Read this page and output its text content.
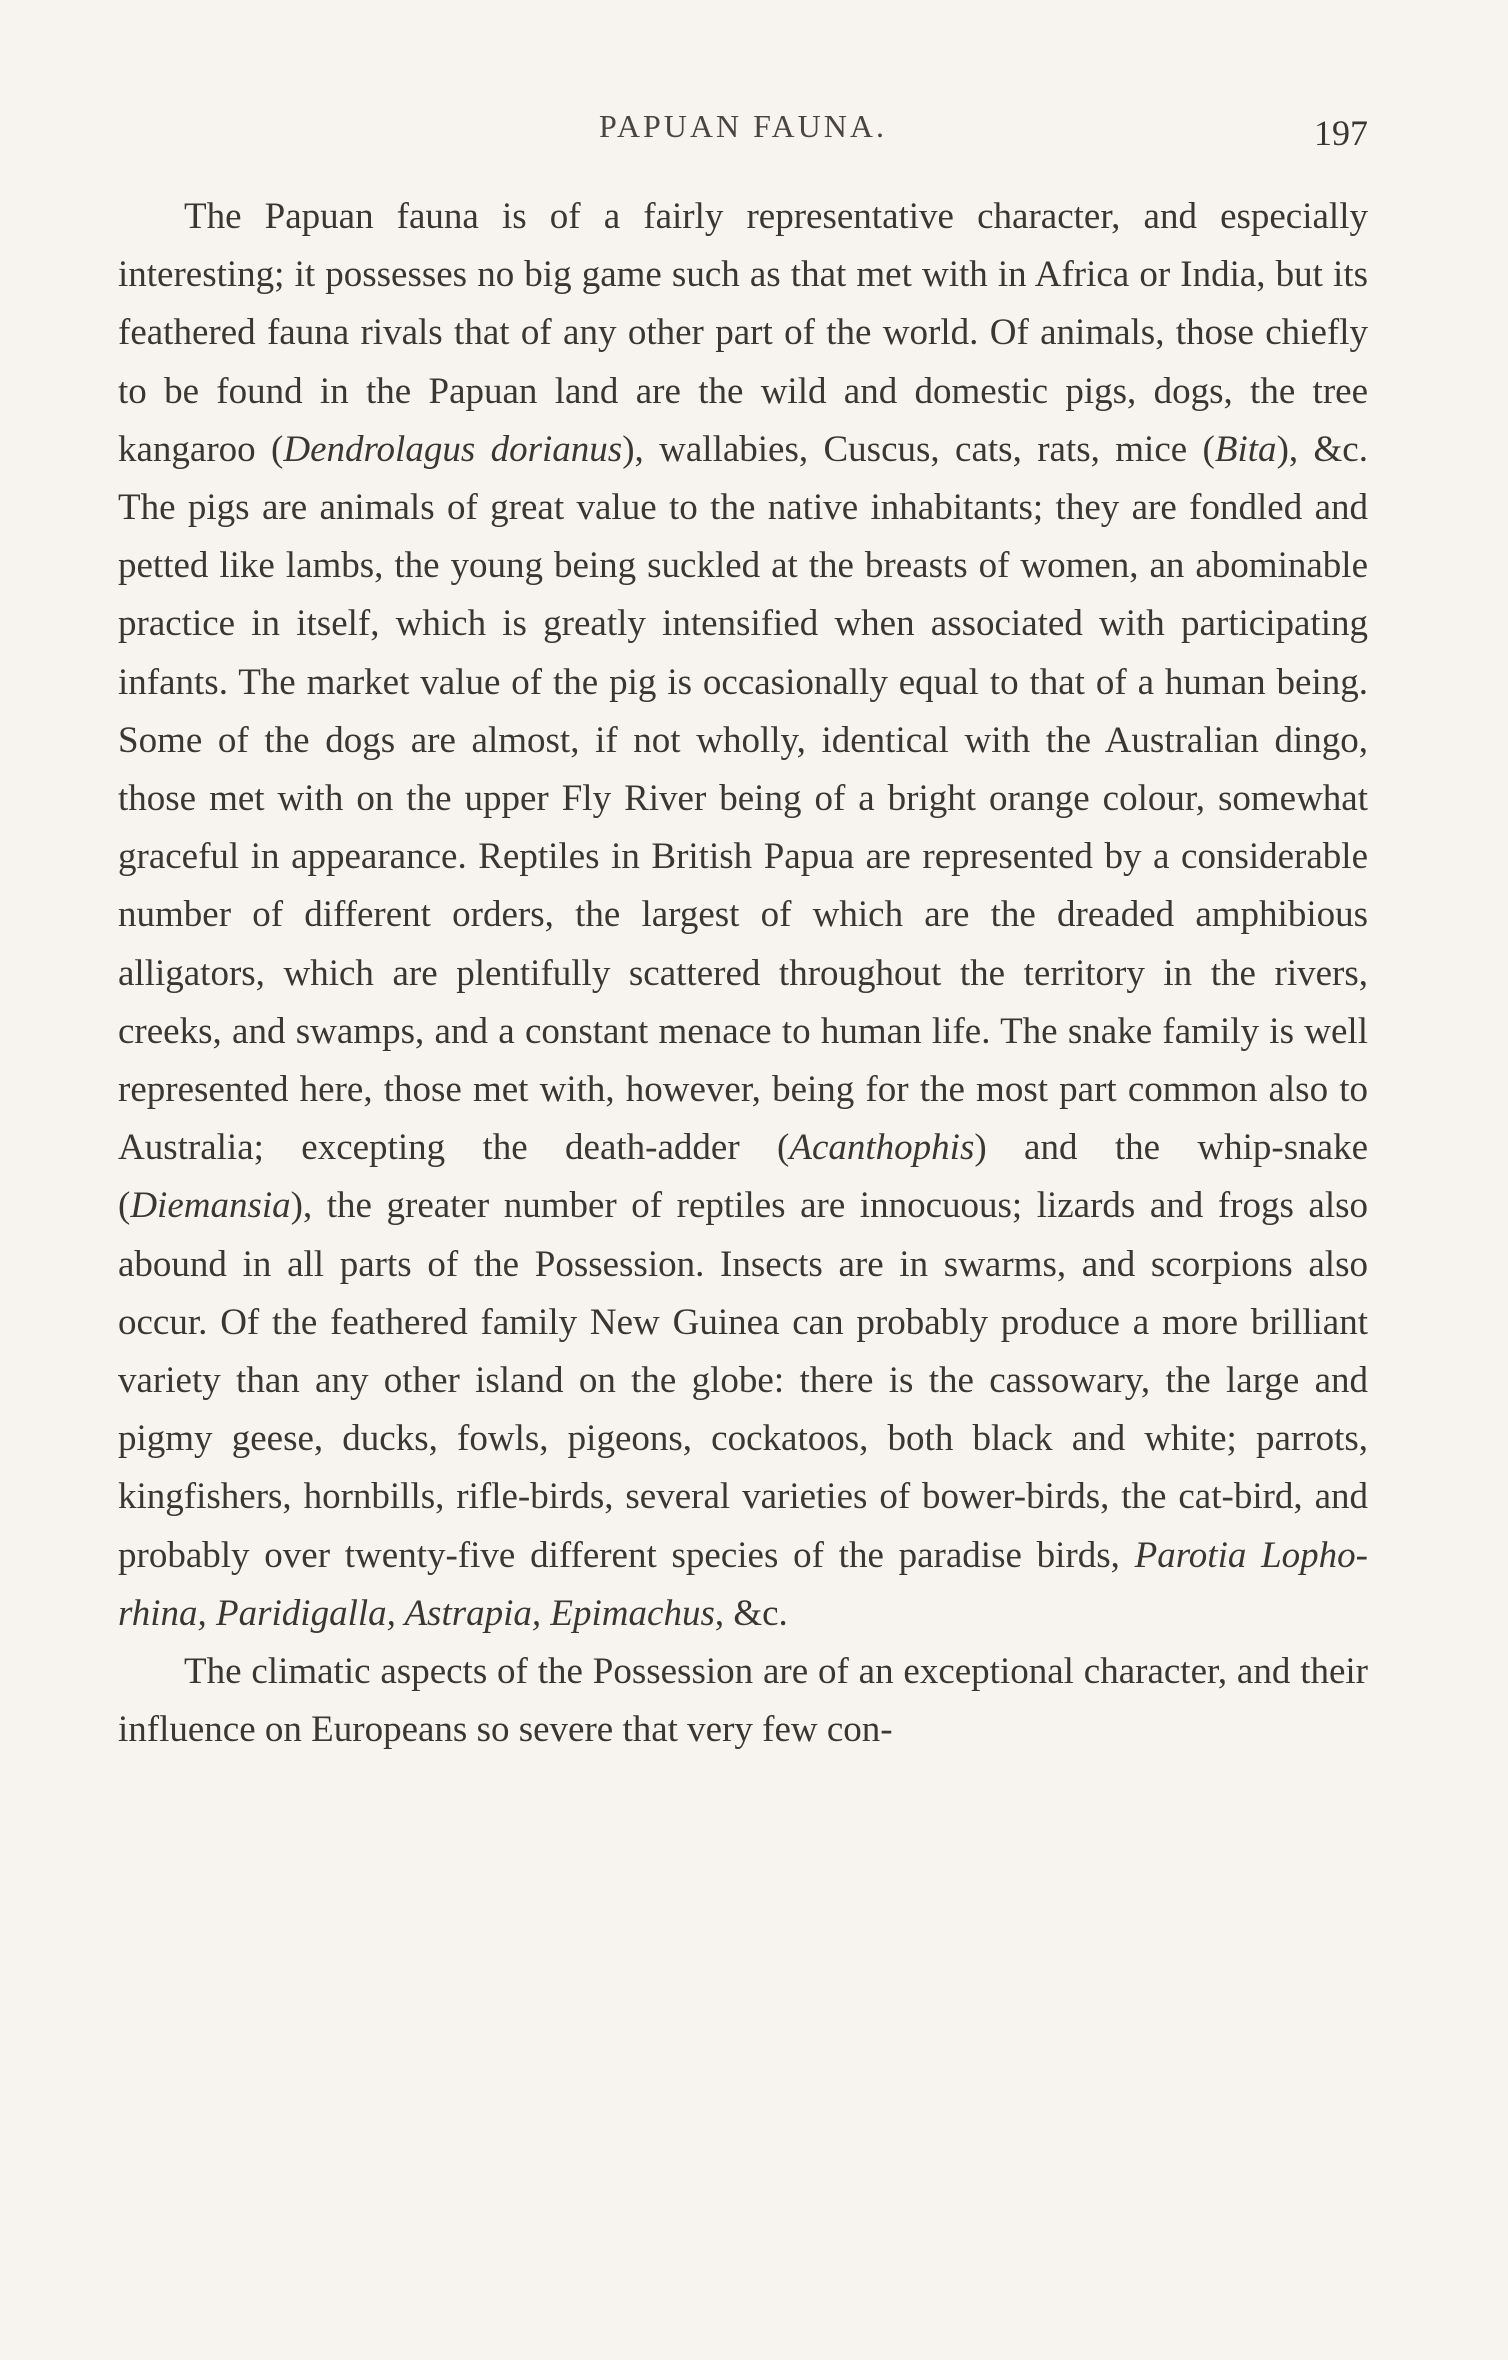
PAPUAN FAUNA.	197

The Papuan fauna is of a fairly representative character, and especially interesting; it possesses no big game such as that met with in Africa or India, but its feathered fauna rivals that of any other part of the world. Of animals, those chiefly to be found in the Papuan land are the wild and domestic pigs, dogs, the tree kangaroo (Dendrolagus dorianus), wallabies, Cuscus, cats, rats, mice (Bita), &c. The pigs are animals of great value to the native inhabitants; they are fondled and petted like lambs, the young being suckled at the breasts of women, an abominable practice in itself, which is greatly intensified when associated with participating infants. The market value of the pig is occasionally equal to that of a human being. Some of the dogs are almost, if not wholly, identical with the Australian dingo, those met with on the upper Fly River being of a bright orange colour, somewhat graceful in appearance. Reptiles in British Papua are represented by a considerable number of different orders, the largest of which are the dreaded amphibious alligators, which are plentifully scattered throughout the territory in the rivers, creeks, and swamps, and a constant menace to human life. The snake family is well represented here, those met with, however, being for the most part common also to Australia; excepting the death-adder (Acanthophis) and the whip-snake (Diemansia), the greater number of reptiles are innocuous; lizards and frogs also abound in all parts of the Possession. Insects are in swarms, and scorpions also occur. Of the feathered family New Guinea can probably produce a more brilliant variety than any other island on the globe: there is the cassowary, the large and pigmy geese, ducks, fowls, pigeons, cockatoos, both black and white; parrots, kingfishers, hornbills, rifle-birds, several varieties of bower-birds, the cat-bird, and probably over twenty-five different species of the paradise birds, Parotia Lophorhina, Paridigalla, Astrapia, Epimachus, &c.

The climatic aspects of the Possession are of an exceptional character, and their influence on Europeans so severe that very few con-
